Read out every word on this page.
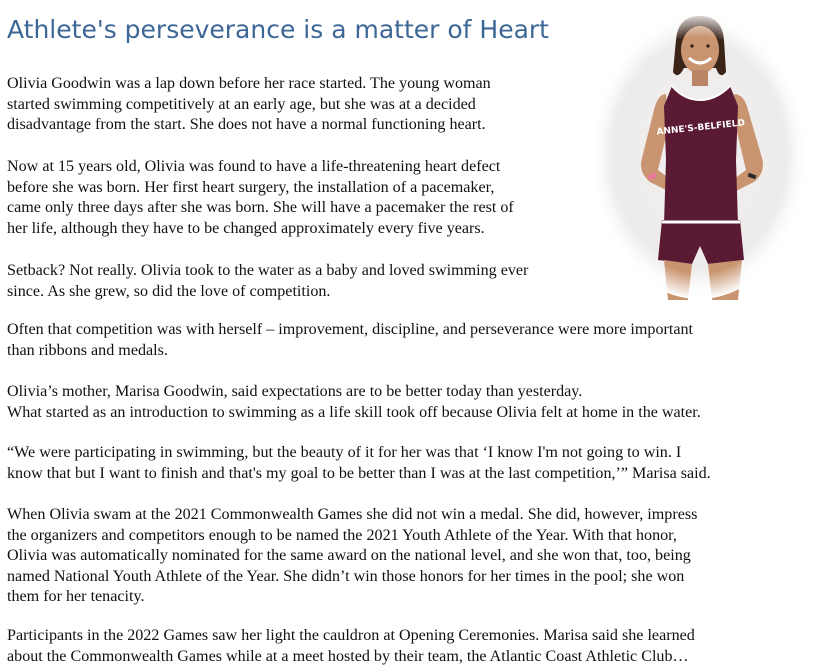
Athlete's perseverance is a matter of Heart

Olivia Goodwin was a lap down before her race started. The young woman
started swimming competitively at an early age, but she was at a decided
disadvantage from the start. She does not have a normal functioning heart.

Now at 15 years old, Olivia was found to have a life-threatening heart defect
before she was born. Her first heart surgery, the installation of a pacemaker,
came only three days after she was born. She will have a pacemaker the rest of
her life, although they have to be changed approximately every five years.

Setback? Not really. Olivia took to the water as a baby and loved swimming ever
since. As she grew, so did the love of competition.

Often that competition was with herself – improvement, discipline, and perseverance were more important
than ribbons and medals.

Olivia’s mother, Marisa Goodwin, said expectations are to be better today than yesterday.
What started as an introduction to swimming as a life skill took off because Olivia felt at home in the water.

“We were participating in swimming, but the beauty of it for her was that ‘I know I'm not going to win. I
know that but I want to finish and that's my goal to be better than I was at the last competition,’” Marisa said.

When Olivia swam at the 2021 Commonwealth Games she did not win a medal. She did, however, impress
the organizers and competitors enough to be named the 2021 Youth Athlete of the Year. With that honor,
Olivia was automatically nominated for the same award on the national level, and she won that, too, being
named National Youth Athlete of the Year. She didn’t win those honors for her times in the pool; she won
them for her tenacity.

Participants in the 2022 Games saw her light the cauldron at Opening Ceremonies. Marisa said she learned
about the Commonwealth Games while at a meet hosted by their team, the Atlantic Coast Athletic Club…
